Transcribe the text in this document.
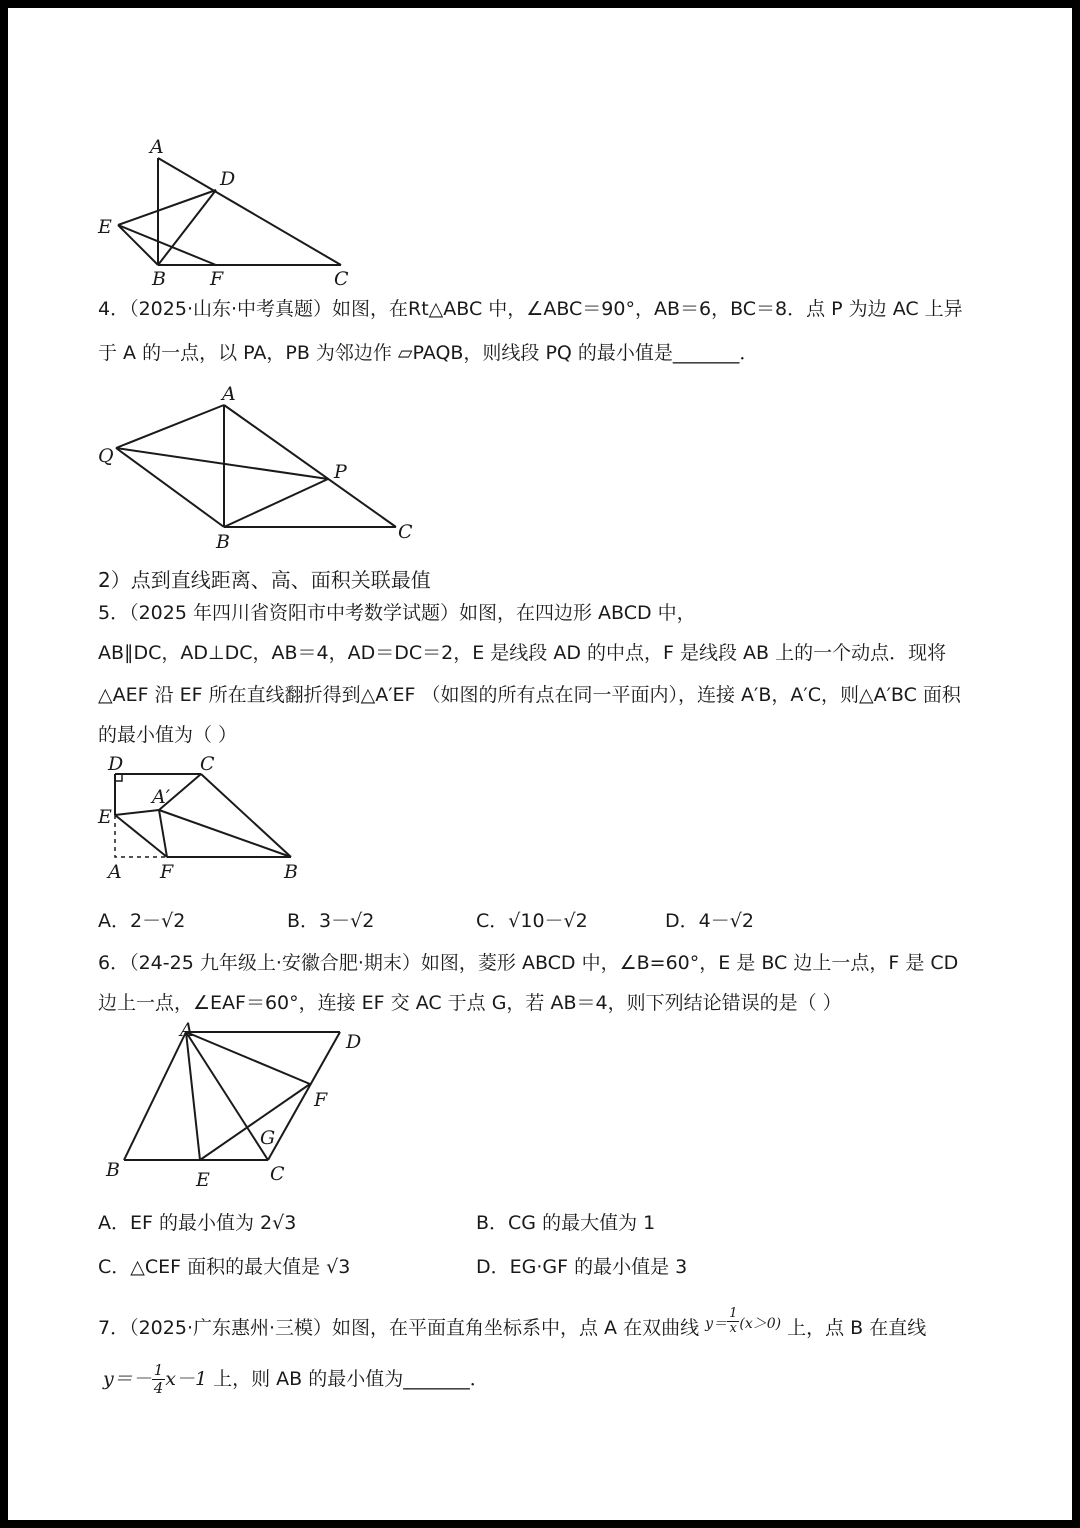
A
D
E
B F	C
4．（2025·山东·中考真题）如图，在Rt△ABC 中，∠ABC＝90°，AB＝6，BC＝8．点 P 为边 AC 上异
于 A 的一点，以 PA，PB 为邻边作 ▱PAQB，则线段 PQ 的最小值是_______．
A
Q
P
B	C
2）点到直线距离、高、面积关联最值
5．（2025 年四川省资阳市中考数学试题）如图，在四边形 ABCD 中，
AB∥DC，AD⊥DC，AB＝4，AD＝DC＝2，E 是线段 AD 的中点，F 是线段 AB 上的一个动点．现将
△AEF 沿 EF 所在直线翻折得到△A′EF （如图的所有点在同一平面内），连接 A′B，A′C，则△A′BC 面积
的最小值为（ ）
D	C
A′
E
A F	B
A．2－√2	B．3－√2	C．√10－√2	D．4－√2
6．（24-25 九年级上·安徽合肥·期末）如图，菱形 ABCD 中，∠B=60°，E 是 BC 边上一点，F 是 CD
边上一点，∠EAF＝60°，连接 EF 交 AC 于点 G，若 AB＝4，则下列结论错误的是（ ）
A
D
F
G
B	E	C
A．EF 的最小值为 2√3	B．CG 的最大值为 1
C．△CEF 面积的最大值是 √3	D．EG·GF 的最小值是 3
7．（2025·广东惠州·三模）如图，在平面直角坐标系中，点 A 在双曲线 $^{y=} \frac{1}{x} ^{(x>0)}$ 上，点 B 在直线
$y=- \frac{1}{4} x-1$ 上，则 AB 的最小值为_______．
